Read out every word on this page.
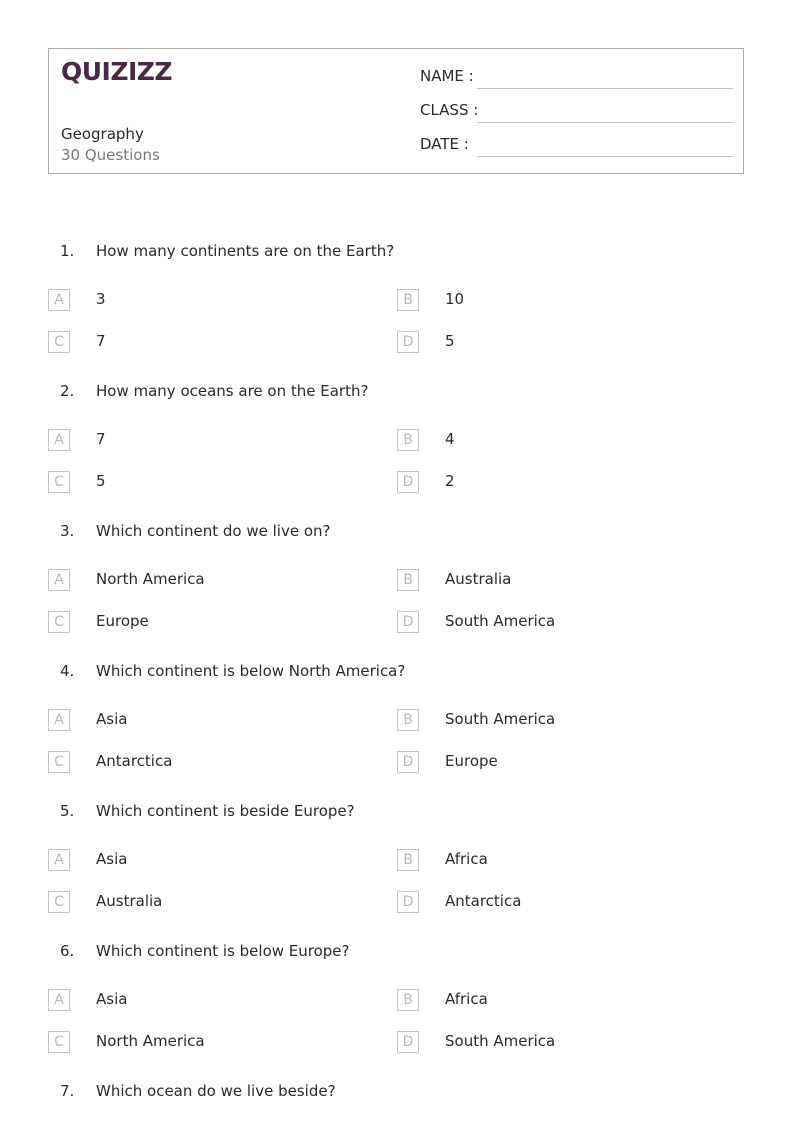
QUIZIZZ
Geography
30 Questions
NAME :
CLASS :
DATE :
1. How many continents are on the Earth?
A	3	B	10
C	7	D	5
2. How many oceans are on the Earth?
A	7	B	4
C	5	D	2
3. Which continent do we live on?
A	North America	B	Australia
C	Europe	D	South America
4. Which continent is below North America?
A	Asia	B	South America
C	Antarctica	D	Europe
5. Which continent is beside Europe?
A	Asia	B	Africa
C	Australia	D	Antarctica
6. Which continent is below Europe?
A	Asia	B	Africa
C	North America	D	South America
7. Which ocean do we live beside?
